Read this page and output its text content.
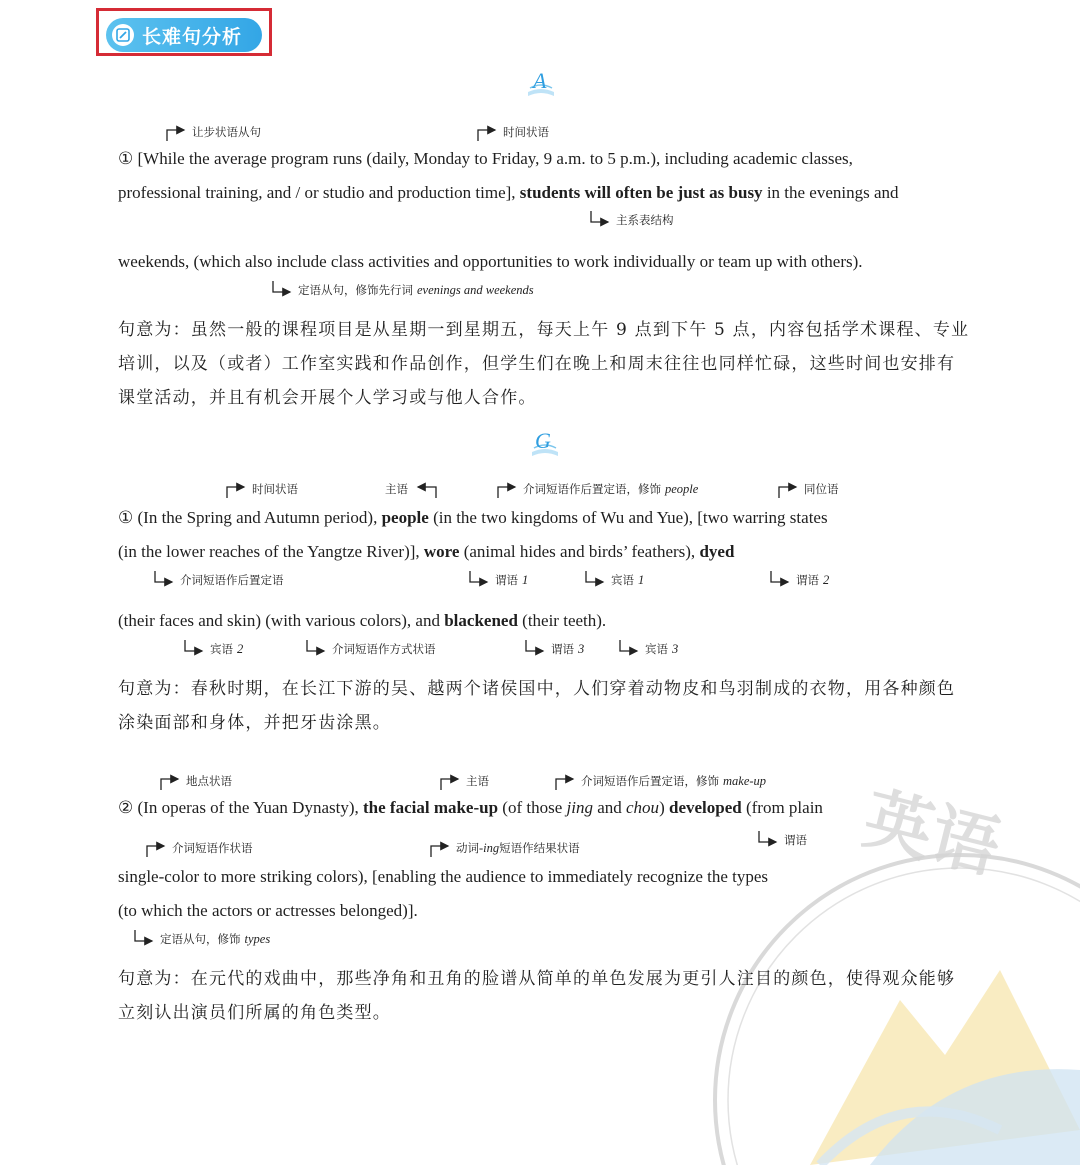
英语
长难句分析
A
让步状语从句	时间状语
① [While the average program runs (daily, Monday to Friday, 9 a.m. to 5 p.m.), including academic classes,
professional training, and / or studio and production time], students will often be just as busy in the evenings and
主系表结构
weekends, (which also include class activities and opportunities to work individually or team up with others).
定语从句，修饰先行词 evenings and weekends
句意为：虽然一般的课程项目是从星期一到星期五，每天上午 9 点到下午 5 点，内容包括学术课程、专业
培训，以及（或者）工作室实践和作品创作，但学生们在晚上和周末往往也同样忙碌，这些时间也安排有
课堂活动，并且有机会开展个人学习或与他人合作。
G
时间状语	主语	介词短语作后置定语，修饰 people	同位语
① (In the Spring and Autumn period), people (in the two kingdoms of Wu and Yue), [two warring states
(in the lower reaches of the Yangtze River)], wore (animal hides and birds’ feathers), dyed
介词短语作后置定语	谓语 1	宾语 1	谓语 2
(their faces and skin) (with various colors), and blackened (their teeth).
宾语 2	介词短语作方式状语	谓语 3	宾语 3
句意为：春秋时期，在长江下游的吴、越两个诸侯国中，人们穿着动物皮和鸟羽制成的衣物，用各种颜色
涂染面部和身体，并把牙齿涂黑。
地点状语	主语	介词短语作后置定语，修饰 make-up
② (In operas of the Yuan Dynasty), the facial make-up (of those jing and chou) developed (from plain
介词短语作状语	动词 -ing 短语作结果状语
谓语
single-color to more striking colors), [enabling the audience to immediately recognize the types
(to which the actors or actresses belonged)].
定语从句，修饰 types
句意为：在元代的戏曲中，那些净角和丑角的脸谱从简单的单色发展为更引人注目的颜色，使得观众能够
立刻认出演员们所属的角色类型。
